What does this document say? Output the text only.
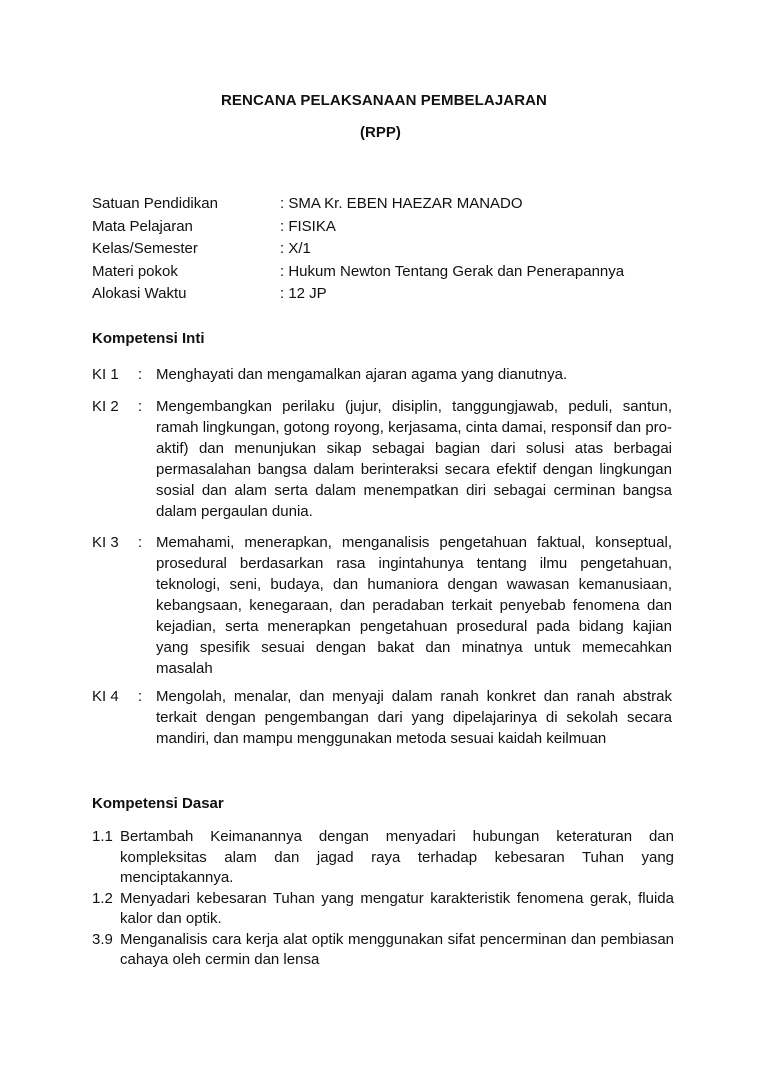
RENCANA PELAKSANAAN PEMBELAJARAN
(RPP)
Satuan Pendidikan	: SMA Kr. EBEN HAEZAR MANADO
Mata Pelajaran	: FISIKA
Kelas/Semester	: X/1
Materi pokok	: Hukum Newton Tentang Gerak dan Penerapannya
Alokasi Waktu	: 12 JP
Kompetensi Inti
KI 1	: Menghayati dan mengamalkan ajaran agama yang dianutnya.
KI 2	: Mengembangkan perilaku (jujur, disiplin, tanggungjawab, peduli, santun, ramah lingkungan, gotong royong, kerjasama, cinta damai, responsif dan pro-aktif) dan menunjukan sikap sebagai bagian dari solusi atas berbagai permasalahan bangsa dalam berinteraksi secara efektif dengan lingkungan sosial dan alam serta dalam menempatkan diri sebagai cerminan bangsa dalam pergaulan dunia.
KI 3	: Memahami, menerapkan, menganalisis pengetahuan faktual, konseptual, prosedural berdasarkan rasa ingintahunya tentang ilmu pengetahuan, teknologi, seni, budaya, dan humaniora dengan wawasan kemanusiaan, kebangsaan, kenegaraan, dan peradaban terkait penyebab fenomena dan kejadian, serta menerapkan pengetahuan prosedural pada bidang kajian yang spesifik sesuai dengan bakat dan minatnya untuk memecahkan masalah
KI 4	: Mengolah, menalar, dan menyaji dalam ranah konkret dan ranah abstrak terkait dengan pengembangan dari yang dipelajarinya di sekolah secara mandiri, dan mampu menggunakan metoda sesuai kaidah keilmuan
Kompetensi Dasar
1.1 Bertambah Keimanannya dengan menyadari hubungan keteraturan dan kompleksitas alam dan jagad raya terhadap kebesaran Tuhan yang menciptakannya.
1.2 Menyadari kebesaran Tuhan yang mengatur karakteristik fenomena gerak, fluida kalor dan optik.
3.9 Menganalisis cara kerja alat optik menggunakan sifat pencerminan dan pembiasan cahaya oleh cermin dan lensa
